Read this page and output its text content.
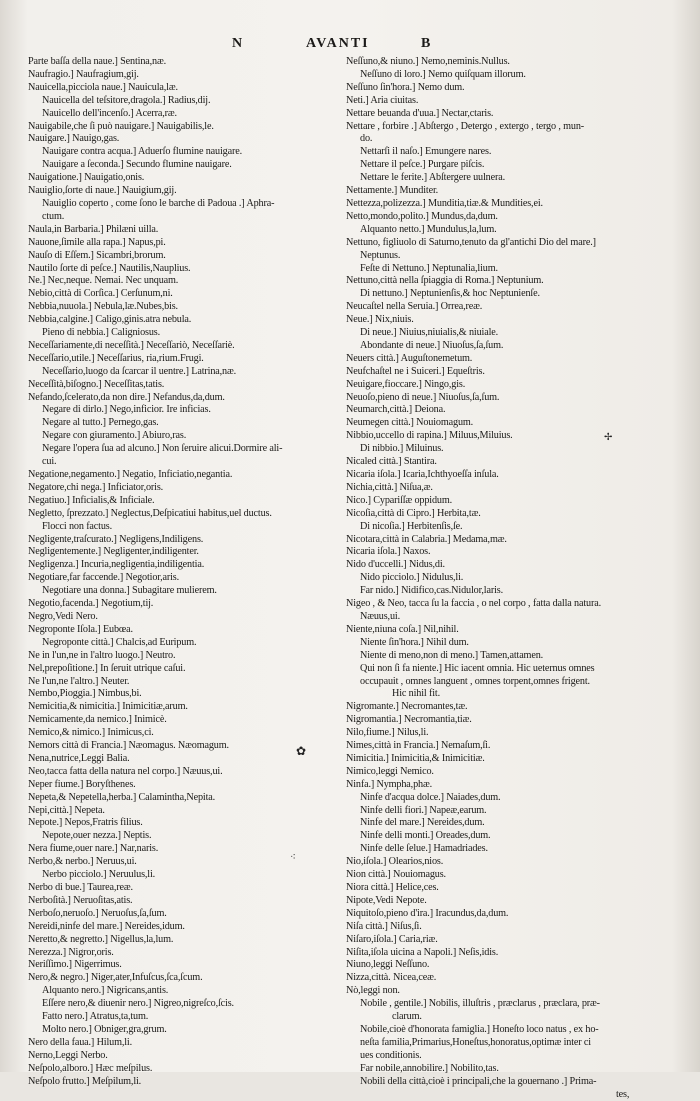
N	AVANTI	B
Parte baſſa della naue.] Sentina,næ.
Naufragio.] Naufragium,gij.
Nauicella,picciola naue.] Nauicula,læ.
Nauicella del teſsitore,dragola.] Radius,dij.
Nauicello dell'incenſo.] Acerra,ræ.
Nauigabile,che ſi può nauigare.] Nauigabilis,le.
Nauigare.] Nauigo,gas.
Nauigare contra acqua.] Aduerſo flumine nauigare.
Nauigare a ſeconda.] Secundo flumine nauigare.
Nauigatione.] Nauigatio,onis.
Nauiglio,ſorte di naue.] Nauigium,gij.
Nauiglio coperto , come ſono le barche di Padoua .] Aphra-
ctum.
Naula,in Barbaria.] Philæni uilla.
Nauone,ſimile alla rapa.] Napus,pi.
Nauſo di Eſſem.] Sicambri,brorum.
Nautilo ſorte di peſce.] Nautilis,Nauplius.
Ne.] Nec,neque. Nemai. Nec unquam.
Nebio,città di Corſica.] Cerſunum,ni.
Nebbia,nuuola.] Nebula,læ.Nubes,bis.
Nebbia,calgine.] Caligo,ginis.atra nebula.
Pieno di nebbia.] Caligniosus.
Neceſſariamente,di neceſſità.] Neceſſariò, Neceſſariè.
Neceſſario,utile.] Neceſſarius, ria,rium.Frugi.
Neceſſario,luogo da ſcarcar il uentre.] Latrina,næ.
Neceſſità,biſogno.] Neceſſitas,tatis.
Nefando,ſcelerato,da non dire.] Nefandus,da,dum.
Negare di dirlo.] Nego,inficior. Ire inficias.
Negare al tutto.] Pernego,gas.
Negare con giuramento.] Abiuro,ras.
Negare l'opera ſua ad alcuno.] Non ſeruire alicui.Dormire ali-
cui.
Negatione,negamento.] Negatio, Inficiatio,negantia.
Negatore,chi nega.] Inficiator,oris.
Negatiuo.] Inficialis,& Inficiale.
Negletto, ſprezzato.] Neglectus,Deſpicatiui habitus,uel ductus.
Flocci non factus.
Negligente,traſcurato.] Negligens,Indiligens.
Negligentemente.] Negligenter,indiligenter.
Negligenza.] Incuria,negligentia,indiligentia.
Negotiare,far faccende.] Negotior,aris.
Negotiare una donna.] Subagitare mulierem.
Negotio,facenda.] Negotium,tij.
Negro,Vedi Nero.
Negroponte Iſola.] Eubœa.
Negroponte città.] Chalcis,ad Euripum.
Ne in l'un,ne in l'altro luogo.] Neutro.
Nel,prepoſitione.] In ſeruit utrique caſui.
Ne l'un,ne l'altro.] Neuter.
Nembo,Pioggia.] Nimbus,bi.
Nemicitia,& nimicitia.] Inimicitiæ,arum.
Nemicamente,da nemico.] Inimicè.
Nemico,& nimico.] Inimicus,ci.
Nemors città di Francia.] Næomagus. Næomagum.
Nena,nutrice,Leggi Balia.
Neo,tacca fatta della natura nel corpo.] Næuus,ui.
Neper fiume.] Boryſthenes.
Nepeta,& Nepetella,herba.] Calamintha,Nepita.
Nepi,città.] Nepeta.
Nepote.] Nepos,Fratris filius.
Nepote,ouer nezza.] Neptis.
Nera fiume,ouer nare.] Nar,naris.
Nerbo,& nerbo.] Neruus,ui.
Nerbo picciolo.] Neruulus,li.
Nerbo di bue.] Taurea,reæ.
Nerboſità.] Neruoſitas,atis.
Nerboſo,neruoſo.] Neruoſus,ſa,ſum.
Nereidi,ninfe del mare.] Nereides,idum.
Neretto,& negretto.] Nigellus,la,lum.
Nerezza.] Nigror,oris.
Neriſſimo.] Nigerrimus.
Nero,& negro.] Niger,ater,Infuſcus,ſca,ſcum.
Alquanto nero.] Nigricans,antis.
Eſſere nero,& diuenir nero.] Nigreo,nigreſco,ſcis.
Fatto nero.] Atratus,ta,tum.
Molto nero.] Obniger,gra,grum.
Nero della faua.] Hilum,li.
Nerno,Leggi Nerbo.
Neſpolo,alboro.] Hæc meſpilus.
Neſpolo frutto.] Meſpilum,li.
Neſſuno,& niuno.] Nemo,neminis.Nullus.
Neſſuno di loro.] Nemo quiſquam illorum.
Neſſuno ſin'hora.] Nemo dum.
Neti.] Aria ciuitas.
Nettare beuanda d'uua.] Nectar,ctaris.
Nettare , forbire .] Abſtergo , Detergo , extergo , tergo , mun-
do.
Nettarſi il naſo.] Emungere nares.
Nettare il peſce.] Purgare piſcis.
Nettare le ferite.] Abſtergere uulnera.
Nettamente.] Munditer.
Nettezza,polizezza.] Munditia,tiæ.& Mundities,ei.
Netto,mondo,polito.] Mundus,da,dum.
Alquanto netto.] Mundulus,la,lum.
Nettuno, figliuolo di Saturno,tenuto da gl'antichi Dio del mare.]
Neptunus.
Feſte di Nettuno.] Neptunalia,lium.
Nettuno,città nella ſpiaggia di Roma.] Neptunium.
Di nettuno.] Neptunienſis,& hoc Neptunienſe.
Neucaſtel nella Seruia.] Orrea,reæ.
Neue.] Nix,niuis.
Di neue.] Niuius,niuialis,& niuiale.
Abondante di neue.] Niuoſus,ſa,ſum.
Neuers città.] Auguſtonemetum.
Neufchaſtel ne i Suiceri.] Equeſtris.
Neuigare,fioccare.] Ningo,gis.
Neuoſo,pieno di neue.] Niuoſus,ſa,ſum.
Neumarch,città.] Deiona.
Neumegen città.] Nouiomagum.
Nibbio,uccello di rapina.] Miluus,Miluius.
Di nibbio.] Miluinus.
Nicaled città.] Stantira.
Nicaria iſola.] Icaria,Ichthyoeſſa inſula.
Nichia,città.] Niſua,æ.
Nico.] Cypariſſæ oppidum.
Nicoſia,città di Cipro.] Herbita,tæ.
Di nicoſia.] Herbitenſis,ſe.
Nicotara,città in Calabria.] Medama,mæ.
Nicaria iſola.] Naxos.
Nido d'uccelli.] Nidus,di.
Nido picciolo.] Nidulus,li.
Far nido.] Nidifico,cas.Nidulor,laris.
Nigeo , & Neo, tacca ſu la faccia , o nel corpo , fatta dalla natura.
Næuus,ui.
Niente,niuna coſa.] Nil,nihil.
Niente ſin'hora.] Nihil dum.
Niente di meno,non di meno.] Tamen,attamen.
Qui non ſi fa niente.] Hic iacent omnia. Hic ueternus omnes
occupauit , omnes languent , omnes torpent,omnes frigent.
Hic nihil fit.
Nigromante.] Necromantes,tæ.
Nigromantia.] Necromantia,tiæ.
Nilo,fiume.] Nilus,li.
Nimes,città in Francia.] Nemaſum,ſi.
Nimicitia.] Inimicitia,& Inimicitiæ.
Nimico,leggi Nemico.
Ninfa.] Nympha,phæ.
Ninfe d'acqua dolce.] Naiades,dum.
Ninfe delli fiori.] Napeæ,earum.
Ninfe del mare.] Nereides,dum.
Ninfe delli monti.] Oreades,dum.
Ninfe delle ſelue.] Hamadriades.
Nio,iſola.] Olearios,nios.
Nion città.] Nouiomagus.
Niora città.] Helice,ces.
Nipote,Vedi Nepote.
Niquitoſo,pieno d'ira.] Iracundus,da,dum.
Niſa città.] Niſus,ſi.
Niſaro,iſola.] Caria,riæ.
Niſita,iſola uicina a Napoli.] Neſis,idis.
Niuno,leggi Neſſuno.
Nizza,città. Nicea,ceæ.
Nò,leggi non.
Nobile , gentile.] Nobilis, illuſtris , præclarus , præclara, præ-
clarum.
Nobile,cioè d'honorata famiglia.] Honeſto loco natus , ex ho-
neſta familia,Primarius,Honeſtus,honoratus,optimæ inter ci
ues conditionis.
Far nobile,annobilire.] Nobilito,tas.
Nobili della città,cioè i principali,che la gouernano .] Prima-
tes,
✿
✢
⁖
